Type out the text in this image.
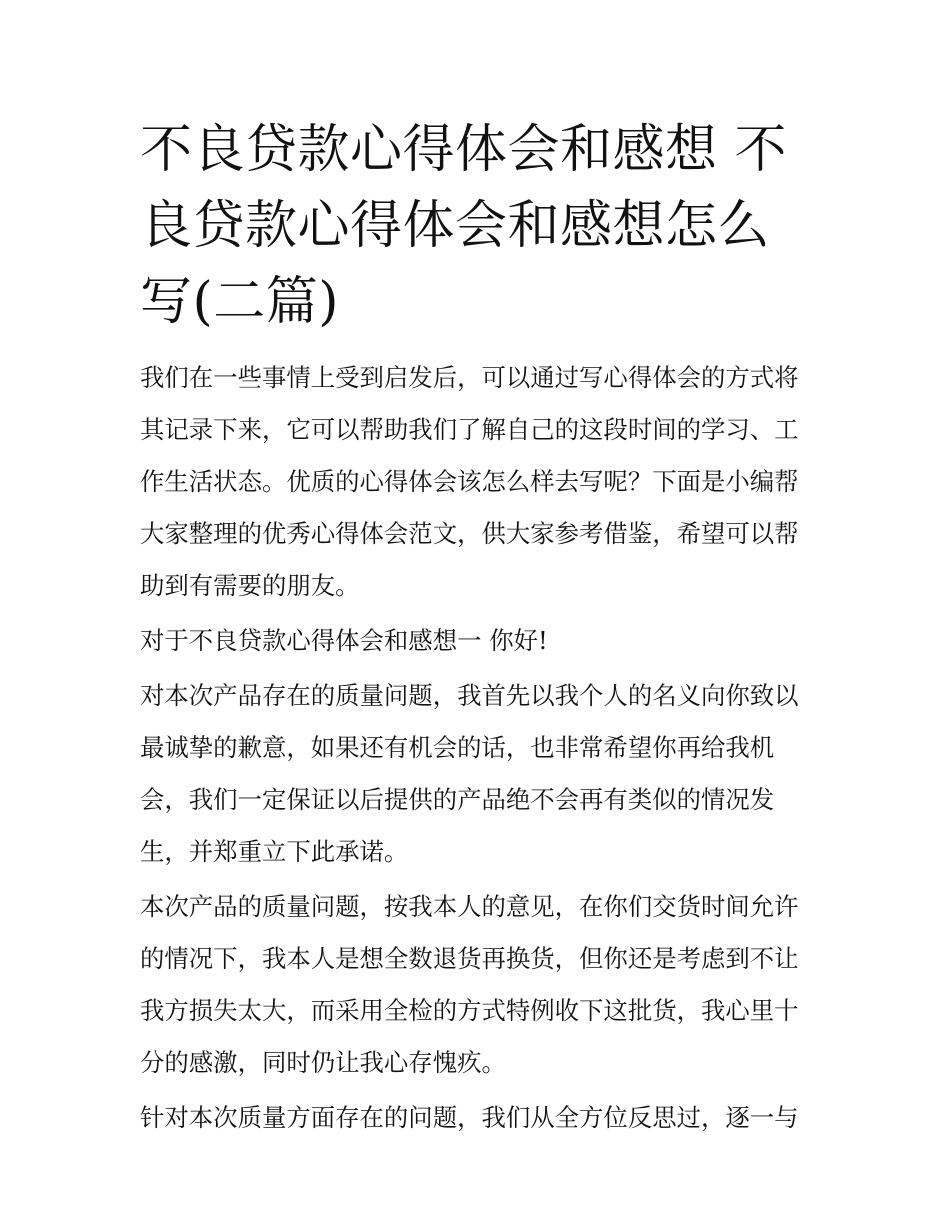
不良贷款心得体会和感想 不良贷款心得体会和感想怎么写(二篇)

我们在一些事情上受到启发后，可以通过写心得体会的方式将其记录下来，它可以帮助我们了解自己的这段时间的学习、工作生活状态。优质的心得体会该怎么样去写呢？下面是小编帮大家整理的优秀心得体会范文，供大家参考借鉴，希望可以帮助到有需要的朋友。

对于不良贷款心得体会和感想一 你好!

对本次产品存在的质量问题，我首先以我个人的名义向你致以最诚挚的歉意，如果还有机会的话，也非常希望你再给我机会，我们一定保证以后提供的产品绝不会再有类似的情况发生，并郑重立下此承诺。

本次产品的质量问题，按我本人的意见，在你们交货时间允许的情况下，我本人是想全数退货再换货，但你还是考虑到不让我方损失太大，而采用全检的方式特例收下这批货，我心里十分的感激，同时仍让我心存愧疚。

针对本次质量方面存在的问题，我们从全方位反思过，逐一与
